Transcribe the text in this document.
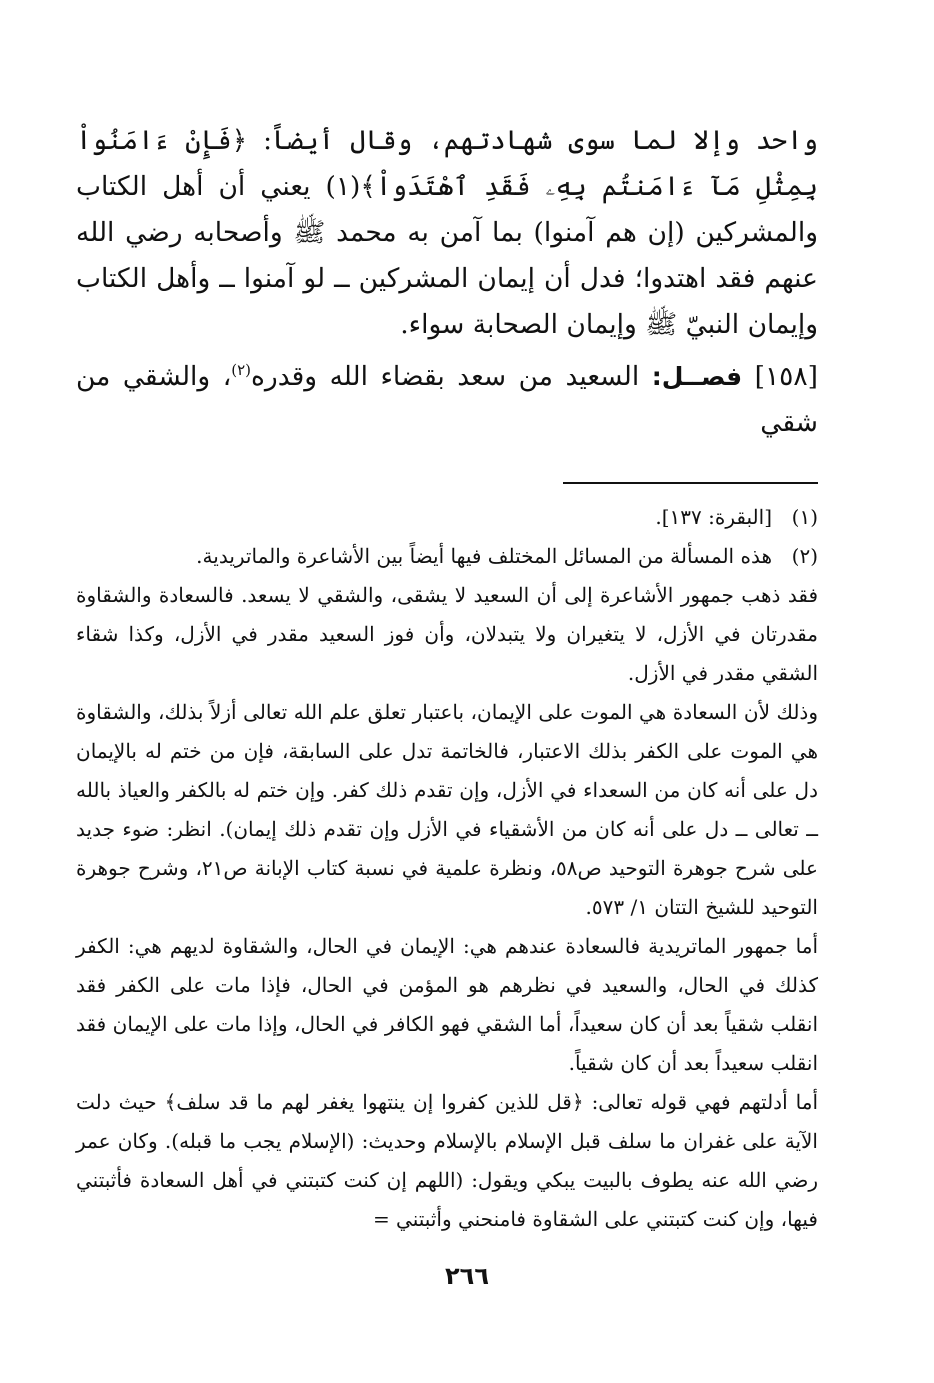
واحد وإلا لما سوى شهادتهم، وقال أيضاً: ﴿فَإِنْ ءَامَنُواْ بِمِثْلِ مَآ ءَامَنتُم بِهِۦ فَقَدِ ٱهْتَدَواْ﴾(١) يعني أن أهل الكتاب والمشركين (إن هم آمنوا) بما آمن به محمد ﷺ وأصحابه رضي الله عنهم فقد اهتدوا؛ فدل أن إيمان المشركين ــ لو آمنوا ــ وأهل الكتاب وإيمان النبيّ ﷺ وإيمان الصحابة سواء.

[١٥٨] فصــل: السعيد من سعد بقضاء الله وقدره$^{(٢)}$، والشقي من شقي

(١)
[البقرة: ١٣٧].
(٢)
هذه المسألة من المسائل المختلف فيها أيضاً بين الأشاعرة والماتريدية.

فقد ذهب جمهور الأشاعرة إلى أن السعيد لا يشقى، والشقي لا يسعد. فالسعادة والشقاوة مقدرتان في الأزل، لا يتغيران ولا يتبدلان، وأن فوز السعيد مقدر في الأزل، وكذا شقاء الشقي مقدر في الأزل.

وذلك لأن السعادة هي الموت على الإيمان، باعتبار تعلق علم الله تعالى أزلاً بذلك، والشقاوة هي الموت على الكفر بذلك الاعتبار، فالخاتمة تدل على السابقة، فإن من ختم له بالإيمان دل على أنه كان من السعداء في الأزل، وإن تقدم ذلك كفر. وإن ختم له بالكفر والعياذ بالله ــ تعالى ــ دل على أنه كان من الأشقياء في الأزل وإن تقدم ذلك إيمان). انظر: ضوء جديد على شرح جوهرة التوحيد ص٥٨، ونظرة علمية في نسبة كتاب الإبانة ص٢١، وشرح جوهرة التوحيد للشيخ التتان ١/ ٥٧٣.

أما جمهور الماتريدية فالسعادة عندهم هي: الإيمان في الحال، والشقاوة لديهم هي: الكفر كذلك في الحال، والسعيد في نظرهم هو المؤمن في الحال، فإذا مات على الكفر فقد انقلب شقياً بعد أن كان سعيداً، أما الشقي فهو الكافر في الحال، وإذا مات على الإيمان فقد انقلب سعيداً بعد أن كان شقياً.

أما أدلتهم فهي قوله تعالى: ﴿قل للذين كفروا إن ينتهوا يغفر لهم ما قد سلف﴾ حيث دلت الآية على غفران ما سلف قبل الإسلام بالإسلام وحديث: (الإسلام يجب ما قبله). وكان عمر رضي الله عنه يطوف بالبيت يبكي ويقول: (اللهم إن كنت كتبتني في أهل السعادة فأثبتني فيها، وإن كنت كتبتني على الشقاوة فامنحني وأثبتني =

٢٦٦
